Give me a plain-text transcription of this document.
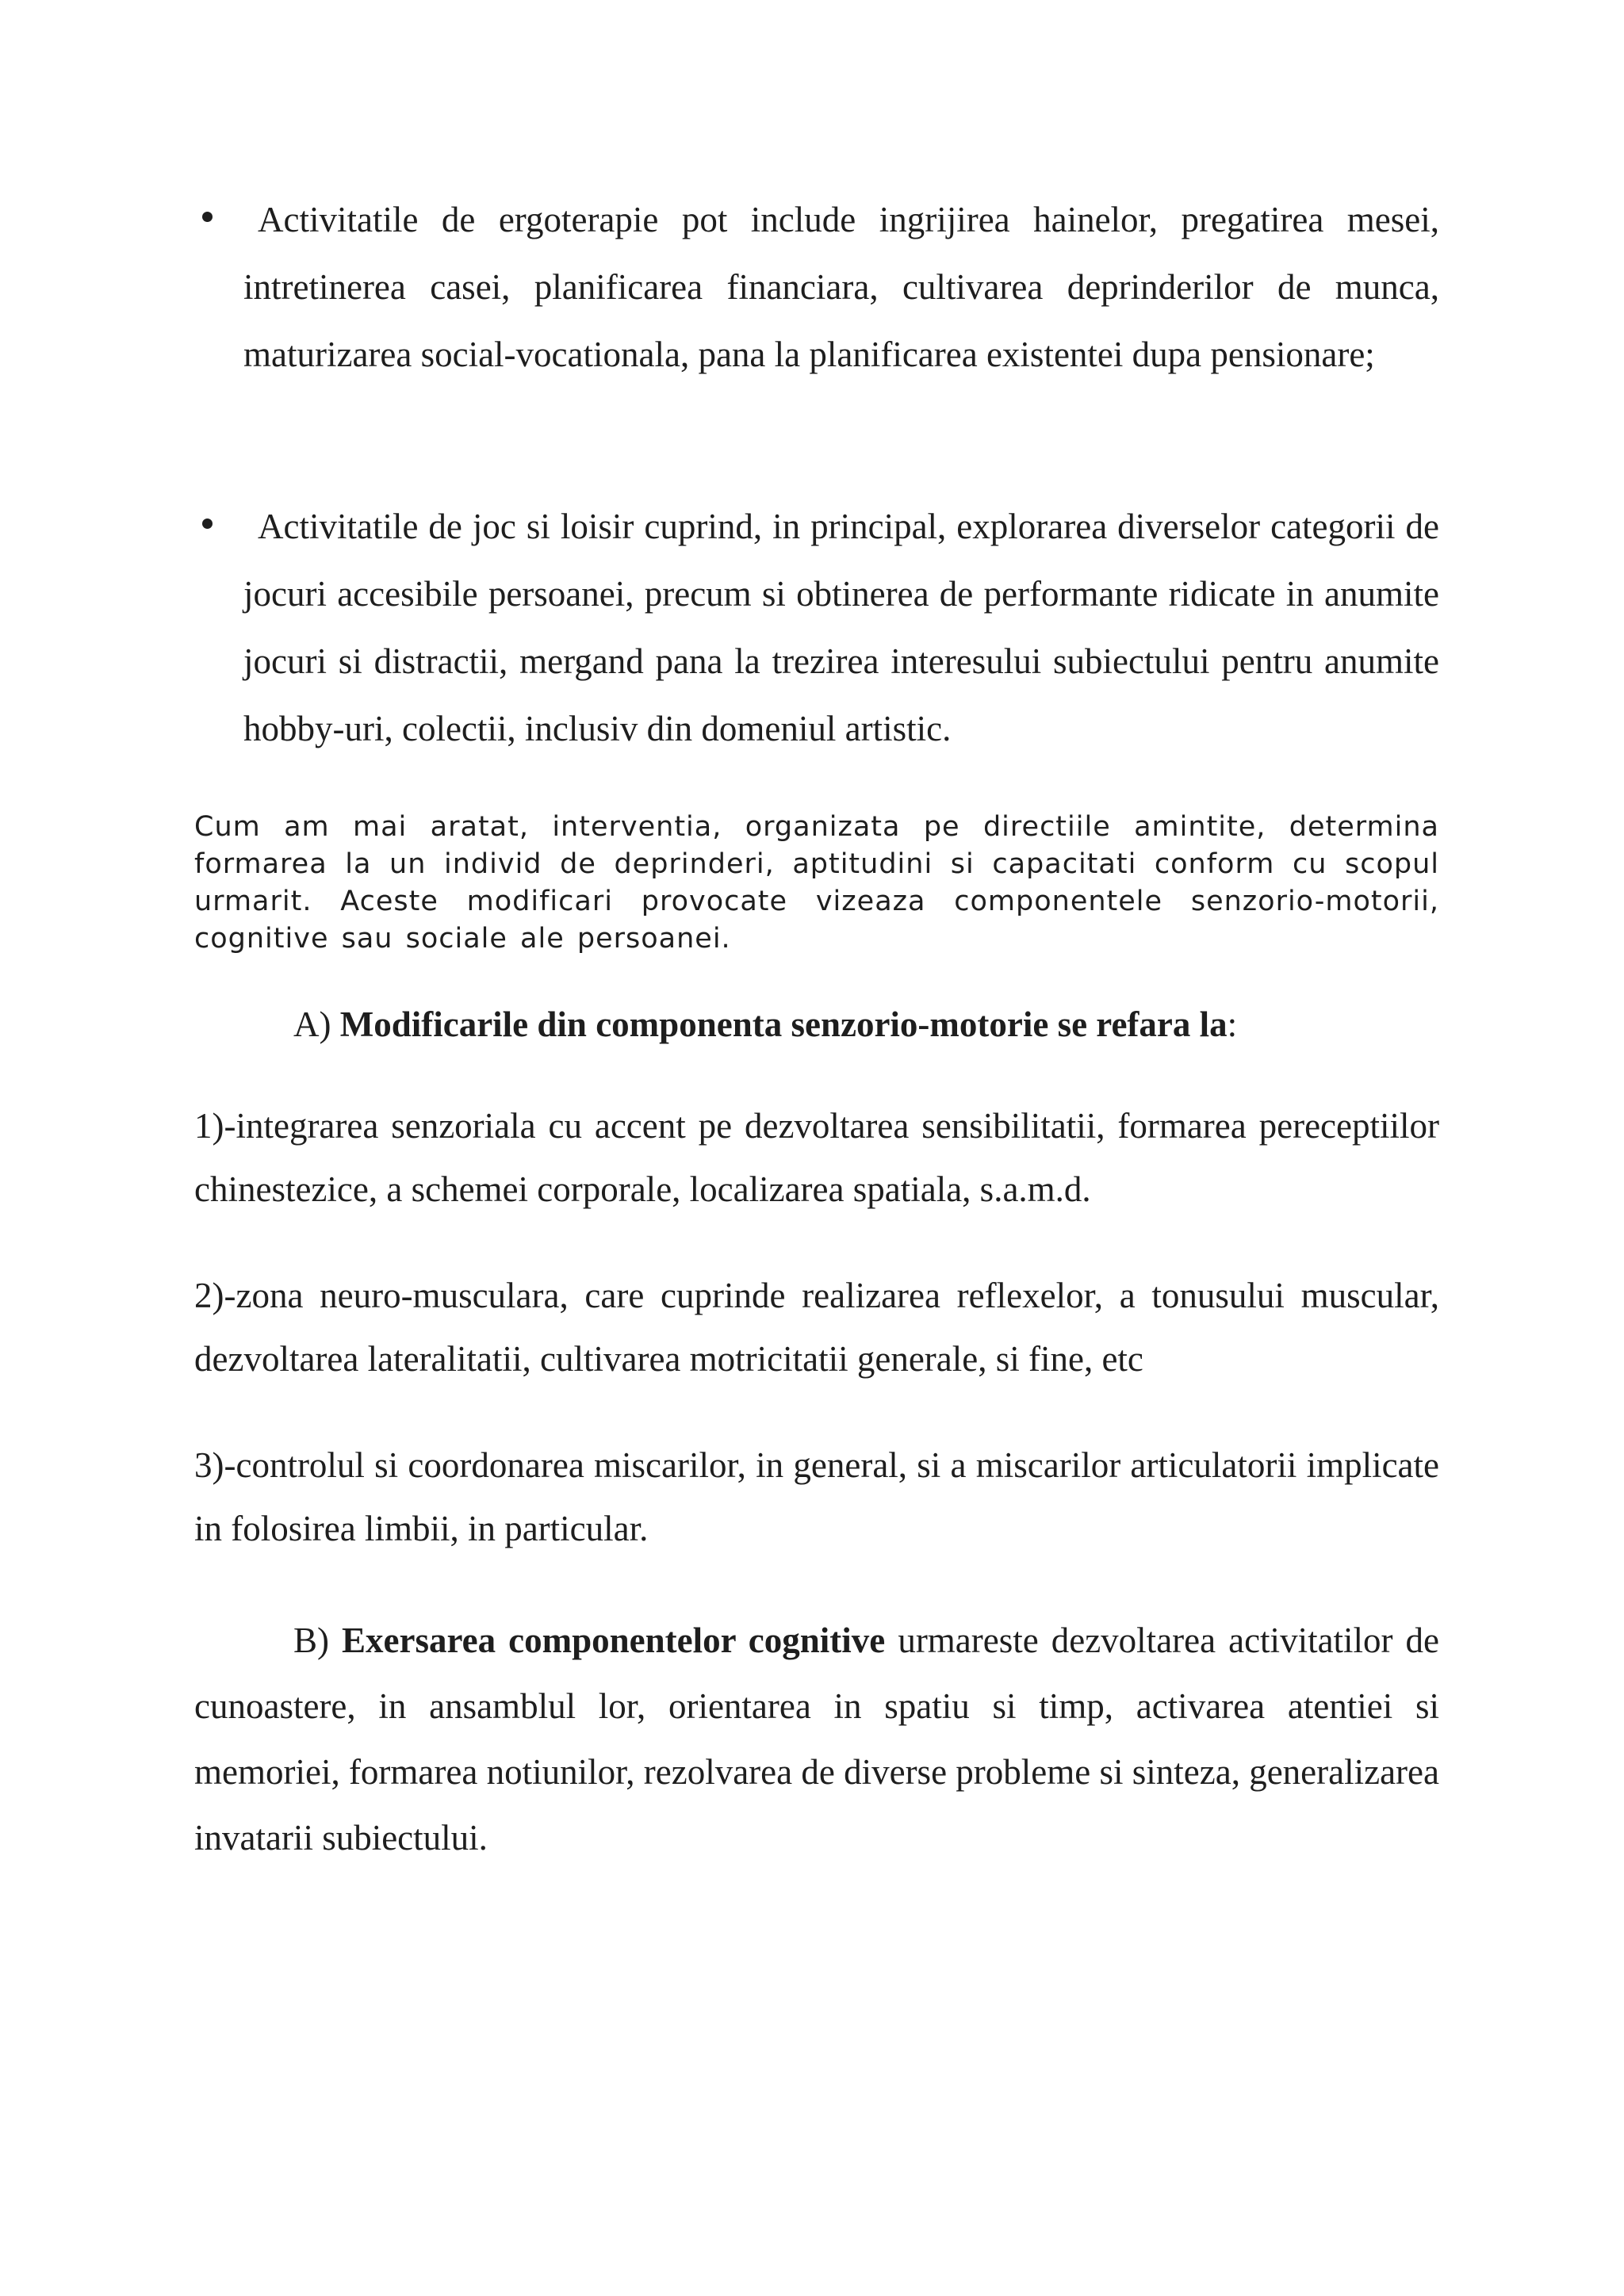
Activitatile de ergoterapie pot include ingrijirea hainelor, pregatirea mesei, intretinerea casei, planificarea financiara, cultivarea deprinderilor de munca, maturizarea social-vocationala, pana la planificarea existentei dupa pensionare;
Activitatile de joc si loisir cuprind, in principal, explorarea diverselor categorii de jocuri accesibile persoanei, precum si obtinerea de performante ridicate in anumite jocuri si distractii, mergand pana la trezirea interesului subiectului pentru anumite hobby-uri, colectii, inclusiv din domeniul artistic.
Cum am mai aratat, interventia, organizata pe directiile amintite, determina formarea la un individ de deprinderi, aptitudini si capacitati conform cu scopul urmarit. Aceste modificari provocate vizeaza componentele senzorio-motorii, cognitive sau sociale ale persoanei.
A) Modificarile din componenta senzorio-motorie se refara la:
1)-integrarea senzoriala cu accent pe dezvoltarea sensibilitatii, formarea pereceptiilor chinestezice, a schemei corporale, localizarea spatiala, s.a.m.d.
2)-zona neuro-musculara, care cuprinde realizarea reflexelor, a tonusului muscular, dezvoltarea lateralitatii, cultivarea motricitatii generale, si fine, etc
3)-controlul si coordonarea miscarilor, in general, si a miscarilor articulatorii implicate in folosirea limbii, in particular.
B) Exersarea componentelor cognitive urmareste dezvoltarea activitatilor de cunoastere, in ansamblul lor, orientarea in spatiu si timp, activarea atentiei si memoriei, formarea notiunilor, rezolvarea de diverse probleme si sinteza, generalizarea invatarii subiectului.
